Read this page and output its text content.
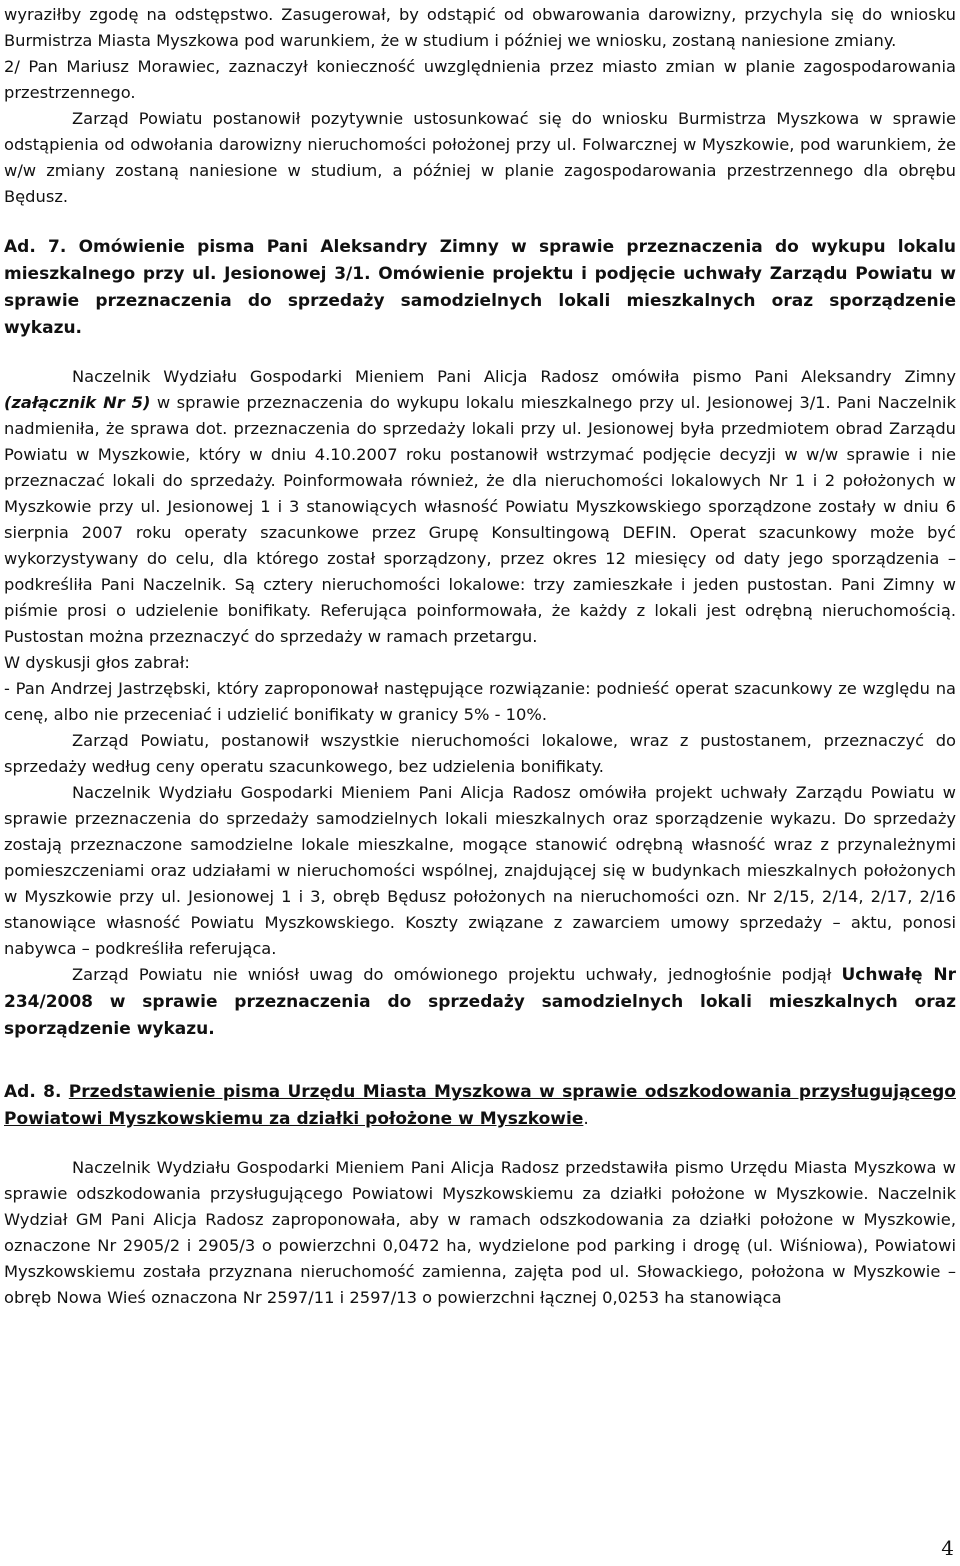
wyraziłby zgodę na odstępstwo. Zasugerował, by odstąpić od obwarowania darowizny, przychyla się do wniosku Burmistrza Miasta Myszkowa pod warunkiem, że w studium i później we wniosku, zostaną naniesione zmiany.

2/ Pan Mariusz Morawiec, zaznaczył konieczność uwzględnienia przez miasto zmian w planie zagospodarowania przestrzennego.

Zarząd Powiatu postanowił pozytywnie ustosunkować się do wniosku Burmistrza Myszkowa w sprawie odstąpienia od odwołania darowizny nieruchomości położonej przy ul. Folwarcznej w Myszkowie, pod warunkiem, że w/w zmiany zostaną naniesione w studium, a później w planie zagospodarowania przestrzennego dla obrębu Będusz.

Ad. 7. Omówienie pisma Pani Aleksandry Zimny w sprawie przeznaczenia do wykupu lokalu mieszkalnego przy ul. Jesionowej 3/1. Omówienie projektu i podjęcie uchwały Zarządu Powiatu w sprawie przeznaczenia do sprzedaży samodzielnych lokali mieszkalnych oraz sporządzenie wykazu.

Naczelnik Wydziału Gospodarki Mieniem Pani Alicja Radosz omówiła pismo Pani Aleksandry Zimny (załącznik Nr 5) w sprawie przeznaczenia do wykupu lokalu mieszkalnego przy ul. Jesionowej 3/1. Pani Naczelnik nadmieniła, że sprawa dot. przeznaczenia do sprzedaży lokali przy ul. Jesionowej była przedmiotem obrad Zarządu Powiatu w Myszkowie, który w dniu 4.10.2007 roku postanowił wstrzymać podjęcie decyzji w w/w sprawie i nie przeznaczać lokali do sprzedaży. Poinformowała również, że dla nieruchomości lokalowych Nr 1 i 2 położonych w Myszkowie przy ul. Jesionowej 1 i 3 stanowiących własność Powiatu Myszkowskiego sporządzone zostały w dniu 6 sierpnia 2007 roku operaty szacunkowe przez Grupę Konsultingową DEFIN. Operat szacunkowy może być wykorzystywany do celu, dla którego został sporządzony, przez okres 12 miesięcy od daty jego sporządzenia – podkreśliła Pani Naczelnik. Są cztery nieruchomości lokalowe: trzy zamieszkałe i jeden pustostan. Pani Zimny w piśmie prosi o udzielenie bonifikaty. Referująca poinformowała, że każdy z lokali jest odrębną nieruchomością. Pustostan można przeznaczyć do sprzedaży w ramach przetargu.

W dyskusji głos zabrał:

- Pan Andrzej Jastrzębski, który zaproponował następujące rozwiązanie: podnieść operat szacunkowy ze względu na cenę, albo nie przeceniać i udzielić bonifikaty w granicy 5% - 10%.

Zarząd Powiatu, postanowił wszystkie nieruchomości lokalowe, wraz z pustostanem, przeznaczyć do sprzedaży według ceny operatu szacunkowego, bez udzielenia bonifikaty.

Naczelnik Wydziału Gospodarki Mieniem Pani Alicja Radosz omówiła projekt uchwały Zarządu Powiatu w sprawie przeznaczenia do sprzedaży samodzielnych lokali mieszkalnych oraz sporządzenie wykazu. Do sprzedaży zostają przeznaczone samodzielne lokale mieszkalne, mogące stanowić odrębną własność wraz z przynależnymi pomieszczeniami oraz udziałami w nieruchomości wspólnej, znajdującej się w budynkach mieszkalnych położonych w Myszkowie przy ul. Jesionowej 1 i 3, obręb Będusz położonych na nieruchomości ozn. Nr 2/15, 2/14, 2/17, 2/16 stanowiące własność Powiatu Myszkowskiego. Koszty związane z zawarciem umowy sprzedaży – aktu, ponosi nabywca – podkreśliła referująca.

Zarząd Powiatu nie wniósł uwag do omówionego projektu uchwały, jednogłośnie podjął Uchwałę Nr 234/2008 w sprawie przeznaczenia do sprzedaży samodzielnych lokali mieszkalnych oraz sporządzenie wykazu.

Ad. 8. Przedstawienie pisma Urzędu Miasta Myszkowa w sprawie odszkodowania przysługującego Powiatowi Myszkowskiemu za działki położone w Myszkowie.

Naczelnik Wydziału Gospodarki Mieniem Pani Alicja Radosz przedstawiła pismo Urzędu Miasta Myszkowa w sprawie odszkodowania przysługującego Powiatowi Myszkowskiemu za działki położone w Myszkowie. Naczelnik Wydział GM Pani Alicja Radosz zaproponowała, aby w ramach odszkodowania za działki położone w Myszkowie, oznaczone Nr 2905/2 i 2905/3 o powierzchni 0,0472 ha, wydzielone pod parking i drogę (ul. Wiśniowa), Powiatowi Myszkowskiemu została przyznana nieruchomość zamienna, zajęta pod ul. Słowackiego, położona w Myszkowie – obręb Nowa Wieś oznaczona Nr 2597/11 i 2597/13 o powierzchni łącznej 0,0253 ha stanowiąca

4
